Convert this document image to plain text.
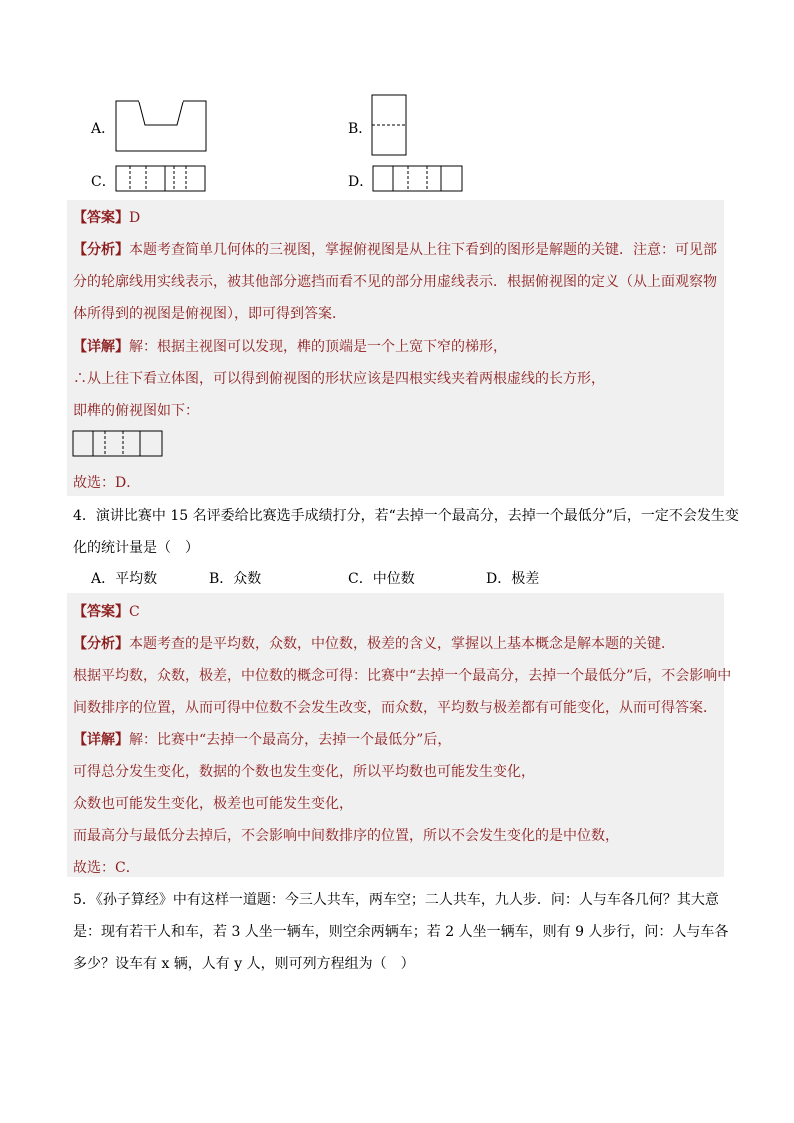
A．	B．
C．	D．
【答案】D
【分析】本题考查简单几何体的三视图，掌握俯视图是从上往下看到的图形是解题的关键．注意：可见部
分的轮廓线用实线表示，被其他部分遮挡而看不见的部分用虚线表示．根据俯视图的定义（从上面观察物
体所得到的视图是俯视图），即可得到答案．
【详解】解：根据主视图可以发现，榫的顶端是一个上宽下窄的梯形，
∴从上往下看立体图，可以得到俯视图的形状应该是四根实线夹着两根虚线的长方形，
即榫的俯视图如下：
故选：D．
4．演讲比赛中 15 名评委给比赛选手成绩打分，若“去掉一个最高分，去掉一个最低分”后，一定不会发生变
化的统计量是（　）
A．平均数	B．众数	C．中位数	D．极差
【答案】C
【分析】本题考查的是平均数，众数，中位数，极差的含义，掌握以上基本概念是解本题的关键．
根据平均数，众数，极差，中位数的概念可得：比赛中“去掉一个最高分，去掉一个最低分”后，不会影响中
间数排序的位置，从而可得中位数不会发生改变，而众数，平均数与极差都有可能变化，从而可得答案．
【详解】解：比赛中“去掉一个最高分，去掉一个最低分”后，
可得总分发生变化，数据的个数也发生变化，所以平均数也可能发生变化，
众数也可能发生变化，极差也可能发生变化，
而最高分与最低分去掉后，不会影响中间数排序的位置，所以不会发生变化的是中位数，
故选：C．
5．《孙子算经》中有这样一道题：今三人共车，两车空；二人共车，九人步．问：人与车各几何？其大意
是：现有若干人和车，若 3 人坐一辆车，则空余两辆车；若 2 人坐一辆车，则有 9 人步行，问：人与车各
多少？设车有 x 辆，人有 y 人，则可列方程组为（　）
